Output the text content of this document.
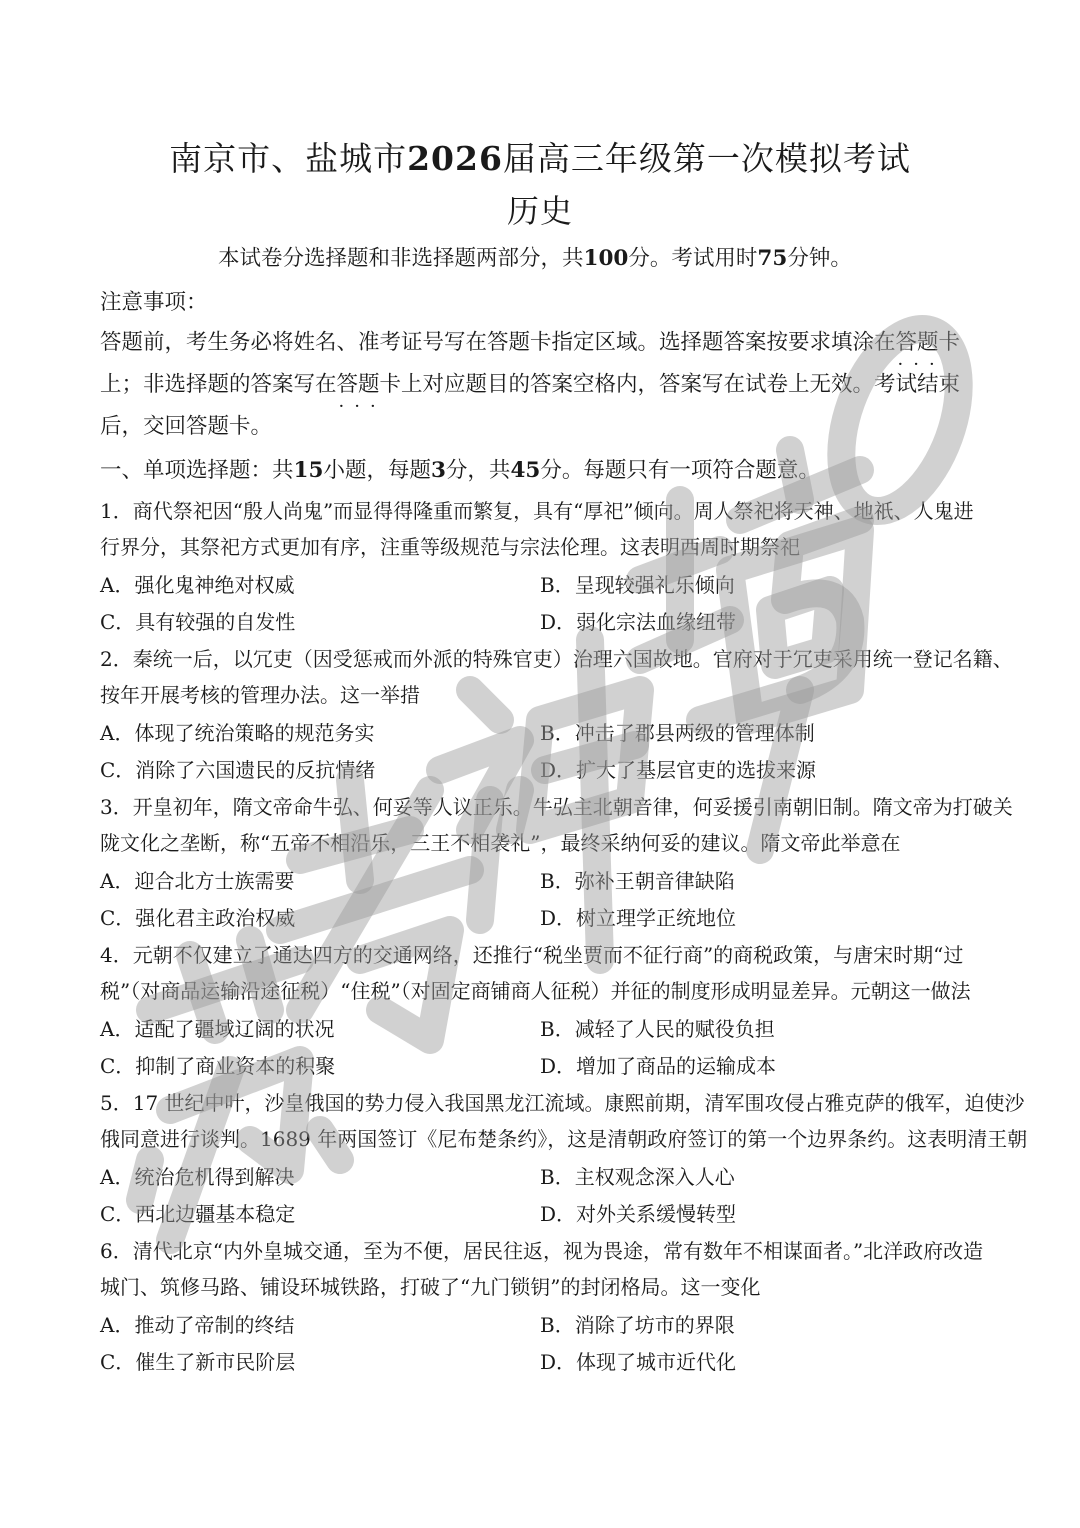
南京市、盐城市2026届高三年级第一次模拟考试
历史
本试卷分选择题和非选择题两部分，共100分。考试用时75分钟。
注意事项：
答题前，考生务必将姓名、准考证号写在答题卡指定区域。选择题答案按要求填涂在答题卡 ···
上；非选择题的答案写在答题卡 ···上对应题目的答案空格内，答案写在试卷上无效。考试结束
后，交回答题卡。
一、单项选择题：共15小题，每题3分，共45分。每题只有一项符合题意。
1．商代祭祀因“殷人尚鬼”而显得得隆重而繁复，具有“厚祀”倾向。周人祭祀将天神、地祇、人鬼进
行界分，其祭祀方式更加有序，注重等级规范与宗法伦理。这表明西周时期祭祀
A．强化鬼神绝对权威	B．呈现较强礼乐倾向
C．具有较强的自发性	D．弱化宗法血缘纽带
2．秦统一后，以冗吏（因受惩戒而外派的特殊官吏）治理六国故地。官府对于冗吏采用统一登记名籍、
按年开展考核的管理办法。这一举措
A．体现了统治策略的规范务实	B．冲击了郡县两级的管理体制
C．消除了六国遗民的反抗情绪	D．扩大了基层官吏的选拔来源
3．开皇初年，隋文帝命牛弘、何妥等人议正乐。牛弘主北朝音律，何妥援引南朝旧制。隋文帝为打破关
陇文化之垄断，称“五帝不相沿乐，三王不相袭礼”，最终采纳何妥的建议。隋文帝此举意在
A．迎合北方士族需要	B．弥补王朝音律缺陷
C．强化君主政治权威	D．树立理学正统地位
4．元朝不仅建立了通达四方的交通网络，还推行“税坐贾而不征行商”的商税政策，与唐宋时期“过
税”（对商品运输沿途征税）“住税”（对固定商铺商人征税）并征的制度形成明显差异。元朝这一做法
A．适配了疆域辽阔的状况	B．减轻了人民的赋役负担
C．抑制了商业资本的积聚	D．增加了商品的运输成本
5．17 世纪中叶，沙皇俄国的势力侵入我国黑龙江流域。康熙前期，清军围攻侵占雅克萨的俄军，迫使沙
俄同意进行谈判。1689 年两国签订《尼布楚条约》，这是清朝政府签订的第一个边界条约。这表明清王朝
A．统治危机得到解决	B．主权观念深入人心
C．西北边疆基本稳定	D．对外关系缓慢转型
6．清代北京“内外皇城交通，至为不便，居民往返，视为畏途，常有数年不相谋面者。”北洋政府改造
城门、筑修马路、铺设环城铁路，打破了“九门锁钥”的封闭格局。这一变化
A．推动了帝制的终结	B．消除了坊市的界限
C．催生了新市民阶层	D．体现了城市近代化
